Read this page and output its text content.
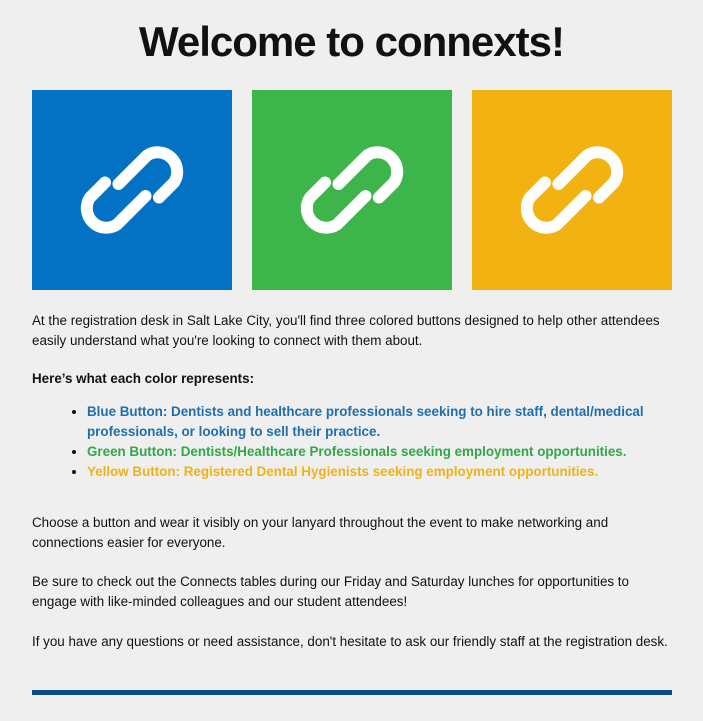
Welcome to connexts!

At the registration desk in Salt Lake City, you'll find three colored buttons designed to help other attendees easily understand what you're looking to connect with them about.

Here’s what each color represents:

• Blue Button: Dentists and healthcare professionals seeking to hire staff, dental/medical professionals, or looking to sell their practice.
• Green Button: Dentists/Healthcare Professionals seeking employment opportunities.
• Yellow Button: Registered Dental Hygienists seeking employment opportunities.

Choose a button and wear it visibly on your lanyard throughout the event to make networking and connections easier for everyone.

Be sure to check out the Connects tables during our Friday and Saturday lunches for opportunities to engage with like-minded colleagues and our student attendees!

If you have any questions or need assistance, don't hesitate to ask our friendly staff at the registration desk.
